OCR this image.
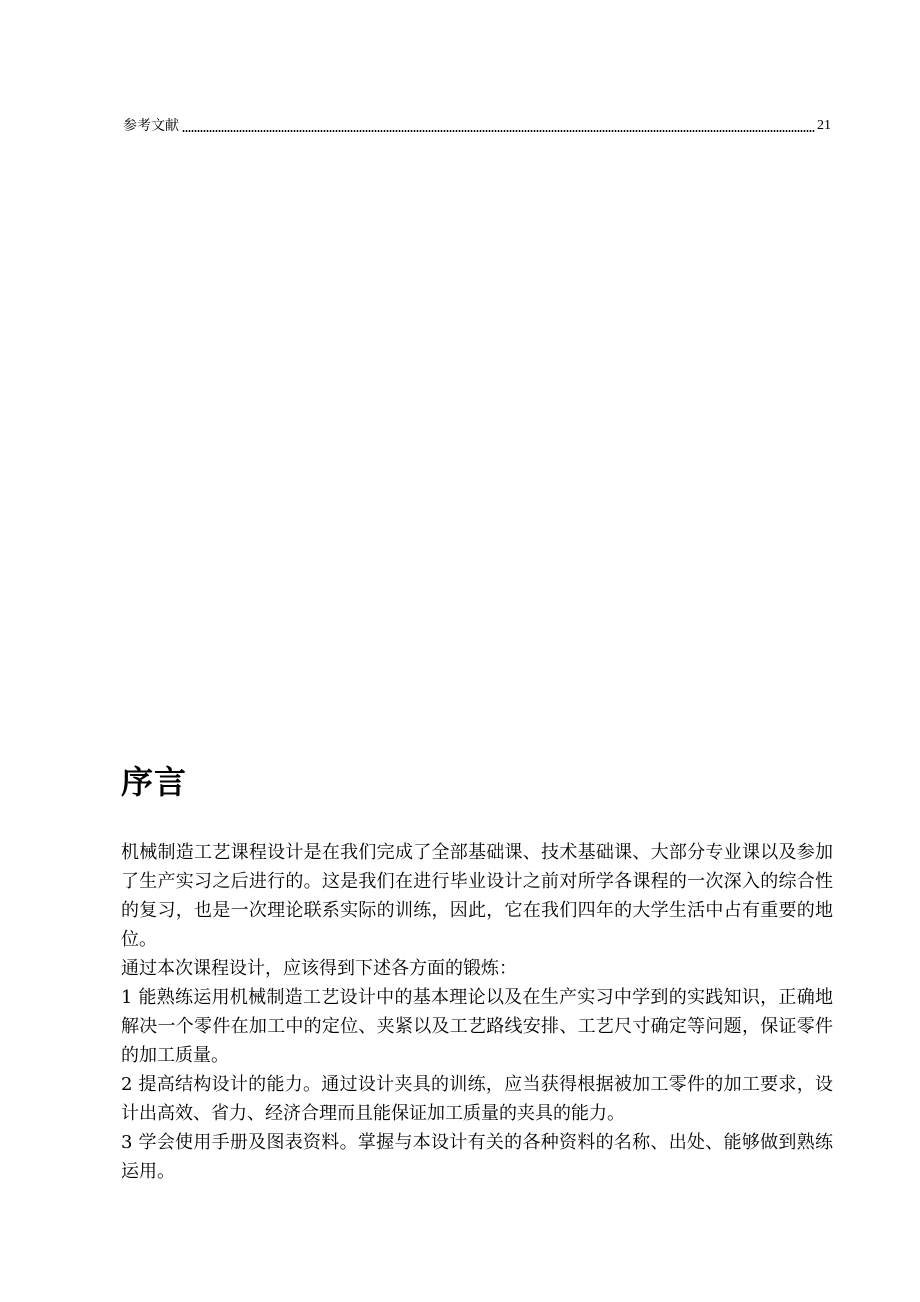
参考文献	21
序言

机械制造工艺课程设计是在我们完成了全部基础课、技术基础课、大部分专业课以及参加了生产实习之后进行的。这是我们在进行毕业设计之前对所学各课程的一次深入的综合性的复习，也是一次理论联系实际的训练，因此，它在我们四年的大学生活中占有重要的地位。

通过本次课程设计，应该得到下述各方面的锻炼：

1 能熟练运用机械制造工艺设计中的基本理论以及在生产实习中学到的实践知识，正确地解决一个零件在加工中的定位、夹紧以及工艺路线安排、工艺尺寸确定等问题，保证零件的加工质量。

2 提高结构设计的能力。通过设计夹具的训练，应当获得根据被加工零件的加工要求，设计出高效、省力、经济合理而且能保证加工质量的夹具的能力。

3 学会使用手册及图表资料。掌握与本设计有关的各种资料的名称、出处、能够做到熟练运用。
